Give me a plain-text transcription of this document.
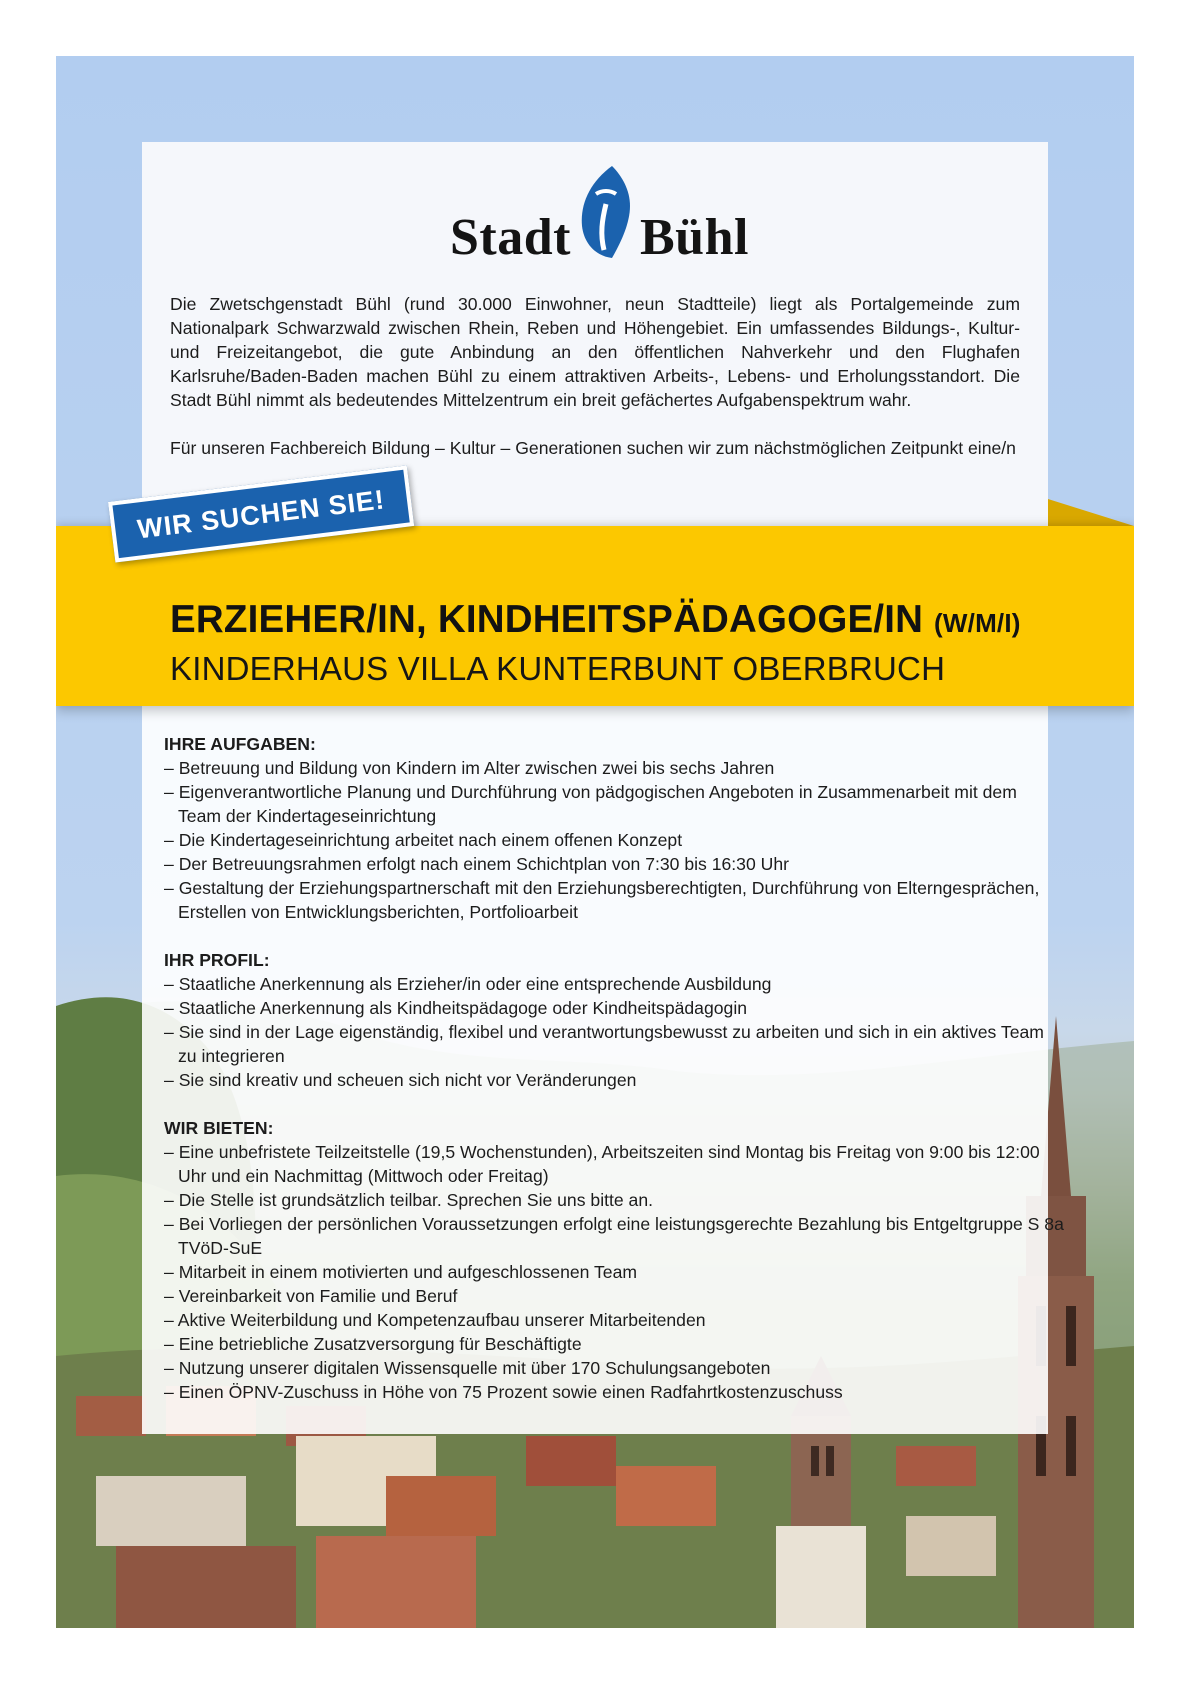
Stadt Bühl

Die Zwetschgenstadt Bühl (rund 30.000 Einwohner, neun Stadtteile) liegt als Portalgemeinde zum Nationalpark Schwarzwald zwischen Rhein, Reben und Höhengebiet. Ein umfassendes Bildungs-, Kultur- und Freizeitangebot, die gute Anbindung an den öffentlichen Nahverkehr und den Flughafen Karlsruhe/Baden-Baden machen Bühl zu einem attraktiven Arbeits-, Lebens- und Erholungsstandort. Die Stadt Bühl nimmt als bedeutendes Mittelzentrum ein breit gefächertes Aufgabenspektrum wahr.

Für unseren Fachbereich Bildung – Kultur – Generationen suchen wir zum nächstmöglichen Zeitpunkt eine/n

WIR SUCHEN SIE!
ERZIEHER/IN, KINDHEITSPÄDAGOGE/IN (W/M/I)
KINDERHAUS VILLA KUNTERBUNT OBERBRUCH
IHRE AUFGABEN:
– Betreuung und Bildung von Kindern im Alter zwischen zwei bis sechs Jahren
– Eigenverantwortliche Planung und Durchführung von pädgogischen Angeboten in Zusammenarbeit mit dem Team der Kindertageseinrichtung
– Die Kindertageseinrichtung arbeitet nach einem offenen Konzept
– Der Betreuungsrahmen erfolgt nach einem Schichtplan von 7:30 bis 16:30 Uhr
– Gestaltung der Erziehungspartnerschaft mit den Erziehungsberechtigten, Durchführung von Elterngesprächen, Erstellen von Entwicklungsberichten, Portfolioarbeit
IHR PROFIL:
– Staatliche Anerkennung als Erzieher/in oder eine entsprechende Ausbildung
– Staatliche Anerkennung als Kindheitspädagoge oder Kindheitspädagogin
– Sie sind in der Lage eigenständig, flexibel und verantwortungsbewusst zu arbeiten und sich in ein aktives Team zu integrieren
– Sie sind kreativ und scheuen sich nicht vor Veränderungen
WIR BIETEN:
– Eine unbefristete Teilzeitstelle (19,5 Wochenstunden), Arbeitszeiten sind Montag bis Freitag von 9:00 bis 12:00 Uhr und ein Nachmittag (Mittwoch oder Freitag)
– Die Stelle ist grundsätzlich teilbar. Sprechen Sie uns bitte an.
– Bei Vorliegen der persönlichen Voraussetzungen erfolgt eine leistungsgerechte Bezahlung bis Entgeltgruppe S 8a TVöD-SuE
– Mitarbeit in einem motivierten und aufgeschlossenen Team
– Vereinbarkeit von Familie und Beruf
– Aktive Weiterbildung und Kompetenzaufbau unserer Mitarbeitenden
– Eine betriebliche Zusatzversorgung für Beschäftigte
– Nutzung unserer digitalen Wissensquelle mit über 170 Schulungsangeboten
– Einen ÖPNV-Zuschuss in Höhe von 75 Prozent sowie einen Radfahrtkostenzuschuss
